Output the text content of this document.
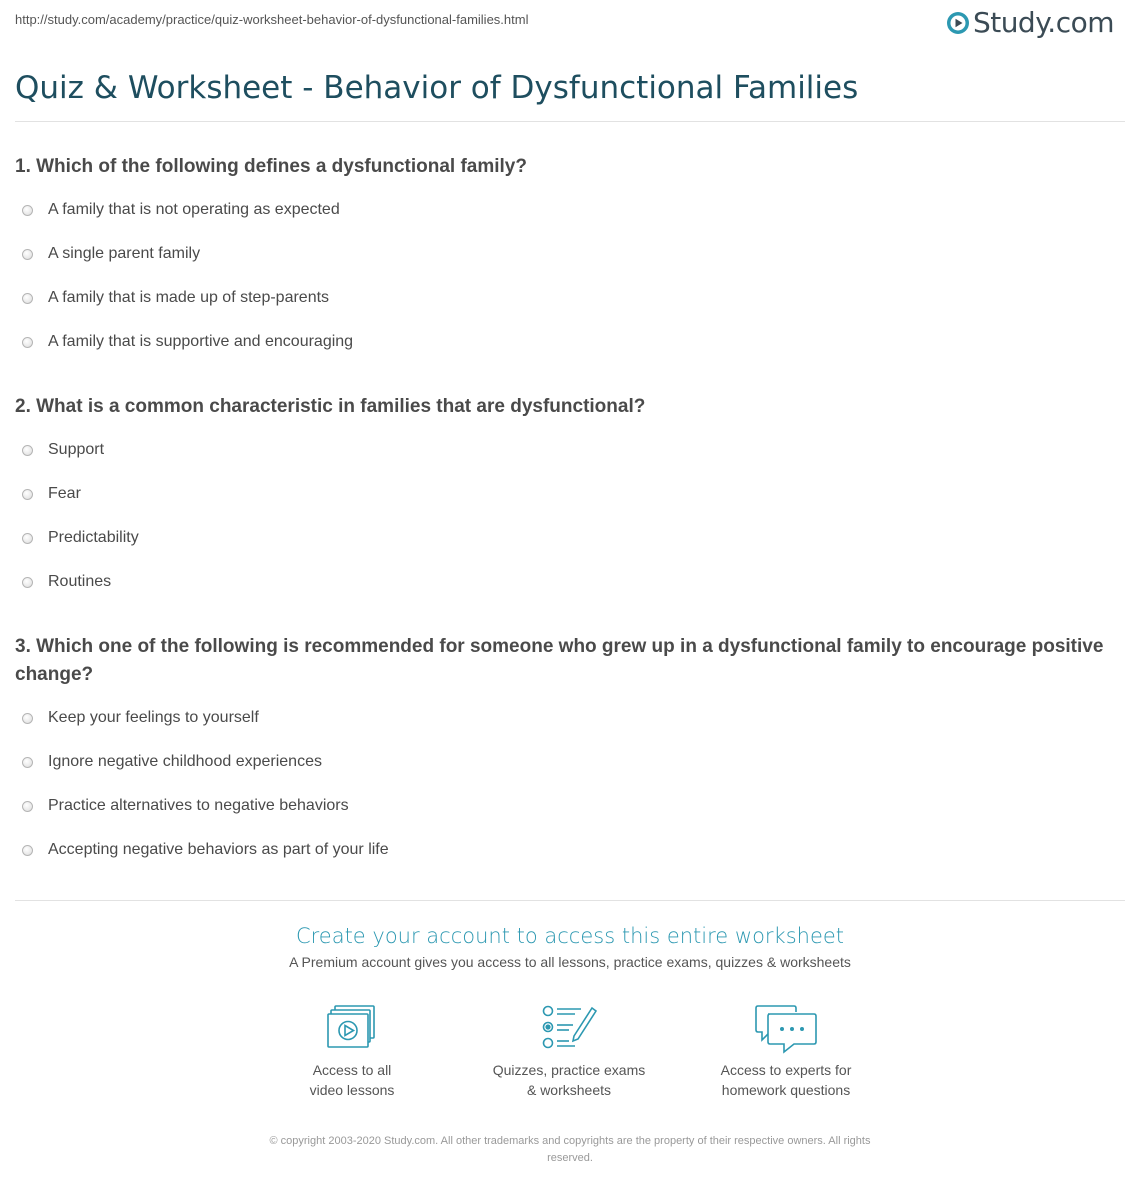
http://study.com/academy/practice/quiz-worksheet-behavior-of-dysfunctional-families.html	Study.com
Quiz & Worksheet - Behavior of Dysfunctional Families
1. Which of the following defines a dysfunctional family?
A family that is not operating as expected
A single parent family
A family that is made up of step-parents
A family that is supportive and encouraging
2. What is a common characteristic in families that are dysfunctional?
Support
Fear
Predictability
Routines
3. Which one of the following is recommended for someone who grew up in a dysfunctional family to encourage positive change?
Keep your feelings to yourself
Ignore negative childhood experiences
Practice alternatives to negative behaviors
Accepting negative behaviors as part of your life
Create your account to access this entire worksheet
A Premium account gives you access to all lessons, practice exams, quizzes & worksheets
Access to all
video lessons
Quizzes, practice exams
& worksheets
Access to experts for
homework questions
© copyright 2003-2020 Study.com. All other trademarks and copyrights are the property of their respective owners. All rights
reserved.
